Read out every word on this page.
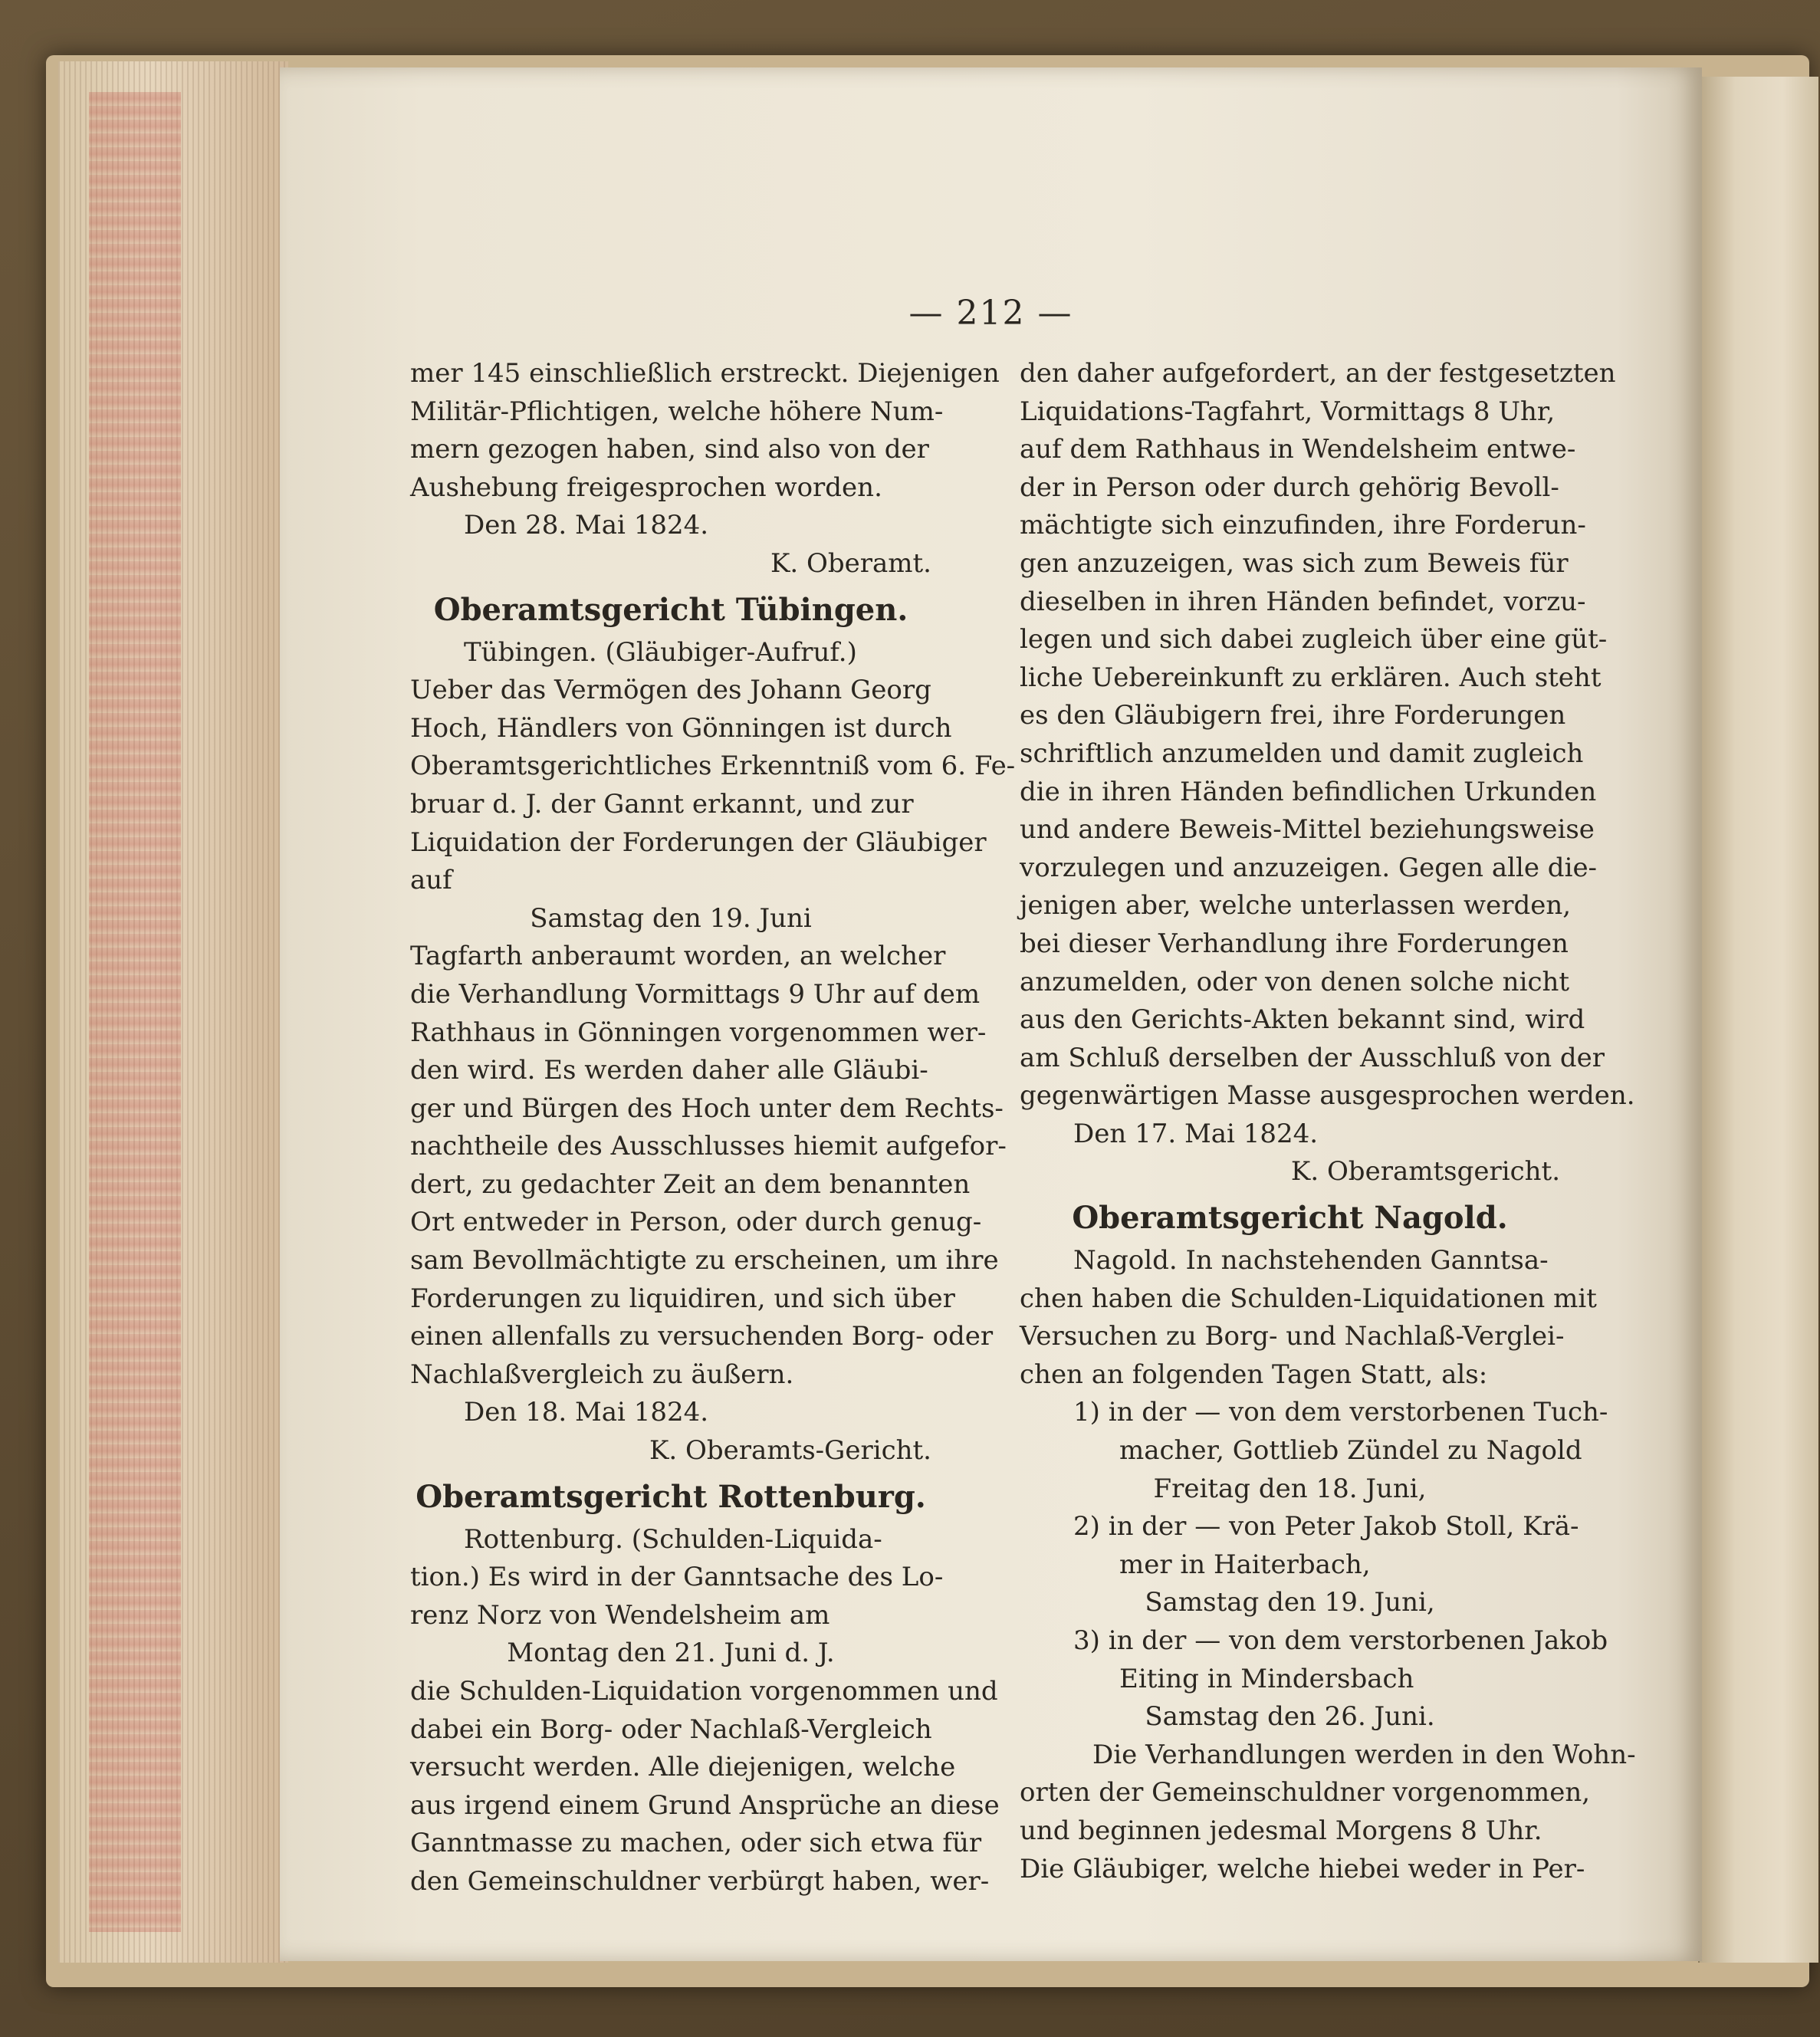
— 212 —
mer 145 einschließlich erstreckt. Diejenigen
Militär-Pflichtigen, welche höhere Num-
mern gezogen haben, sind also von der
Aushebung freigesprochen worden.
Den 28. Mai 1824.
K. Oberamt.
Oberamtsgericht Tübingen.
Tübingen. (Gläubiger-Aufruf.)
Ueber das Vermögen des Johann Georg
Hoch, Händlers von Gönningen ist durch
Oberamtsgerichtliches Erkenntniß vom 6. Fe-
bruar d. J. der Gannt erkannt, und zur
Liquidation der Forderungen der Gläubiger
auf
Samstag den 19. Juni
Tagfarth anberaumt worden, an welcher
die Verhandlung Vormittags 9 Uhr auf dem
Rathhaus in Gönningen vorgenommen wer-
den wird. Es werden daher alle Gläubi-
ger und Bürgen des Hoch unter dem Rechts-
nachtheile des Ausschlusses hiemit aufgefor-
dert, zu gedachter Zeit an dem benannten
Ort entweder in Person, oder durch genug-
sam Bevollmächtigte zu erscheinen, um ihre
Forderungen zu liquidiren, und sich über
einen allenfalls zu versuchenden Borg- oder
Nachlaßvergleich zu äußern.
Den 18. Mai 1824.
K. Oberamts-Gericht.
Oberamtsgericht Rottenburg.
Rottenburg. (Schulden-Liquida-
tion.) Es wird in der Ganntsache des Lo-
renz Norz von Wendelsheim am
Montag den 21. Juni d. J.
die Schulden-Liquidation vorgenommen und
dabei ein Borg- oder Nachlaß-Vergleich
versucht werden. Alle diejenigen, welche
aus irgend einem Grund Ansprüche an diese
Ganntmasse zu machen, oder sich etwa für
den Gemeinschuldner verbürgt haben, wer-
den daher aufgefordert, an der festgesetzten
Liquidations-Tagfahrt, Vormittags 8 Uhr,
auf dem Rathhaus in Wendelsheim entwe-
der in Person oder durch gehörig Bevoll-
mächtigte sich einzufinden, ihre Forderun-
gen anzuzeigen, was sich zum Beweis für
dieselben in ihren Händen befindet, vorzu-
legen und sich dabei zugleich über eine güt-
liche Uebereinkunft zu erklären. Auch steht
es den Gläubigern frei, ihre Forderungen
schriftlich anzumelden und damit zugleich
die in ihren Händen befindlichen Urkunden
und andere Beweis-Mittel beziehungsweise
vorzulegen und anzuzeigen. Gegen alle die-
jenigen aber, welche unterlassen werden,
bei dieser Verhandlung ihre Forderungen
anzumelden, oder von denen solche nicht
aus den Gerichts-Akten bekannt sind, wird
am Schluß derselben der Ausschluß von der
gegenwärtigen Masse ausgesprochen werden.
Den 17. Mai 1824.
K. Oberamtsgericht.
Oberamtsgericht Nagold.
Nagold. In nachstehenden Ganntsa-
chen haben die Schulden-Liquidationen mit
Versuchen zu Borg- und Nachlaß-Verglei-
chen an folgenden Tagen Statt, als:
1) in der — von dem verstorbenen Tuch-
macher, Gottlieb Zündel zu Nagold
Freitag den 18. Juni,
2) in der — von Peter Jakob Stoll, Krä-
mer in Haiterbach,
Samstag den 19. Juni,
3) in der — von dem verstorbenen Jakob
Eiting in Mindersbach
Samstag den 26. Juni.
Die Verhandlungen werden in den Wohn-
orten der Gemeinschuldner vorgenommen,
und beginnen jedesmal Morgens 8 Uhr.
Die Gläubiger, welche hiebei weder in Per-
